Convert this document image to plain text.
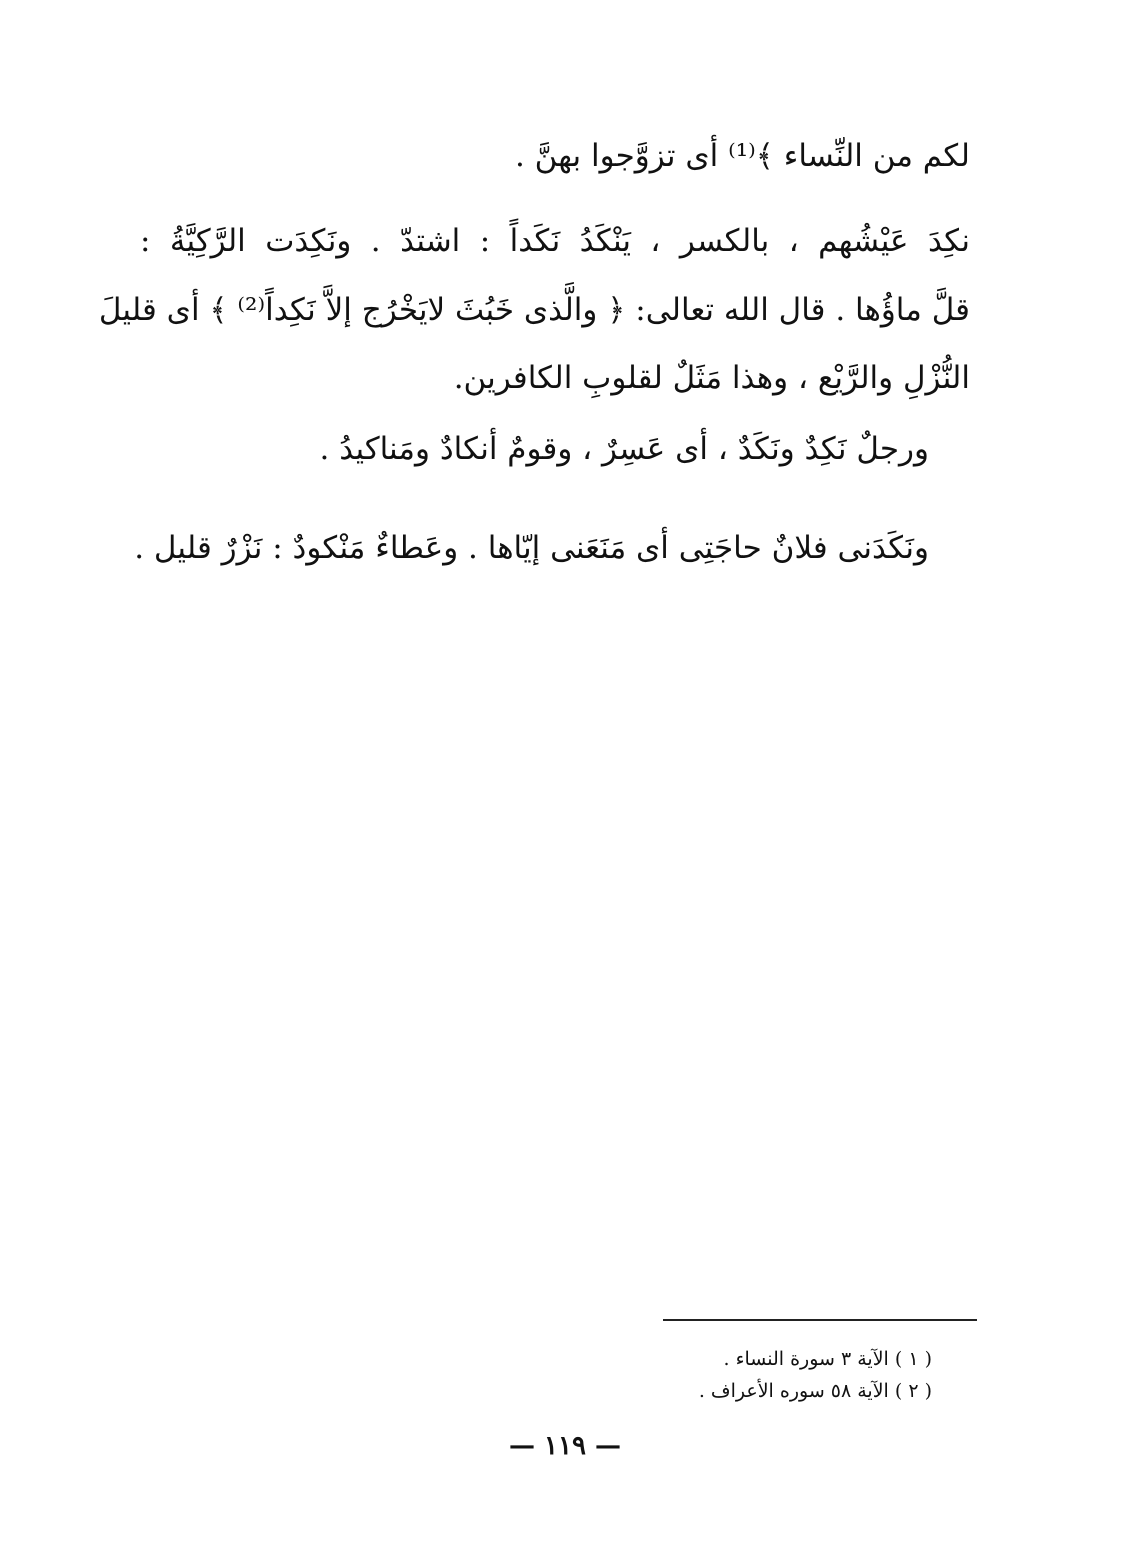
لكم من النِّساء ﴾⁽¹⁾ أى تزوَّجوا بهنَّ .
نكِدَ عَيْشُهم ، بالكسر ، يَنْكَدُ نَكَداً : اشتدّ . ونَكِدَت الرَّكِيَّةُ :
قلَّ ماؤُها . قال الله تعالى: ﴿ والَّذى خَبُثَ لايَخْرُج إلاَّ نَكِداً⁽²⁾ ﴾ أى قليلَ
النُّزْلِ والرَّيْع ، وهذا مَثَلٌ لقلوبِ الكافرين.
ورجلٌ نَكِدٌ ونَكَدٌ ، أى عَسِرٌ ، وقومٌ أنكادٌ ومَناكيدُ .
ونَكَدَنى فلانٌ حاجَتِى أى مَنَعَنى إيّاها . وعَطاءٌ مَنْكودٌ : نَزْرٌ قليل .
( ١ ) الآية ٣ سورة النساء .
( ٢ ) الآية ٥٨ سوره الأعراف .
— ١١٩ —
